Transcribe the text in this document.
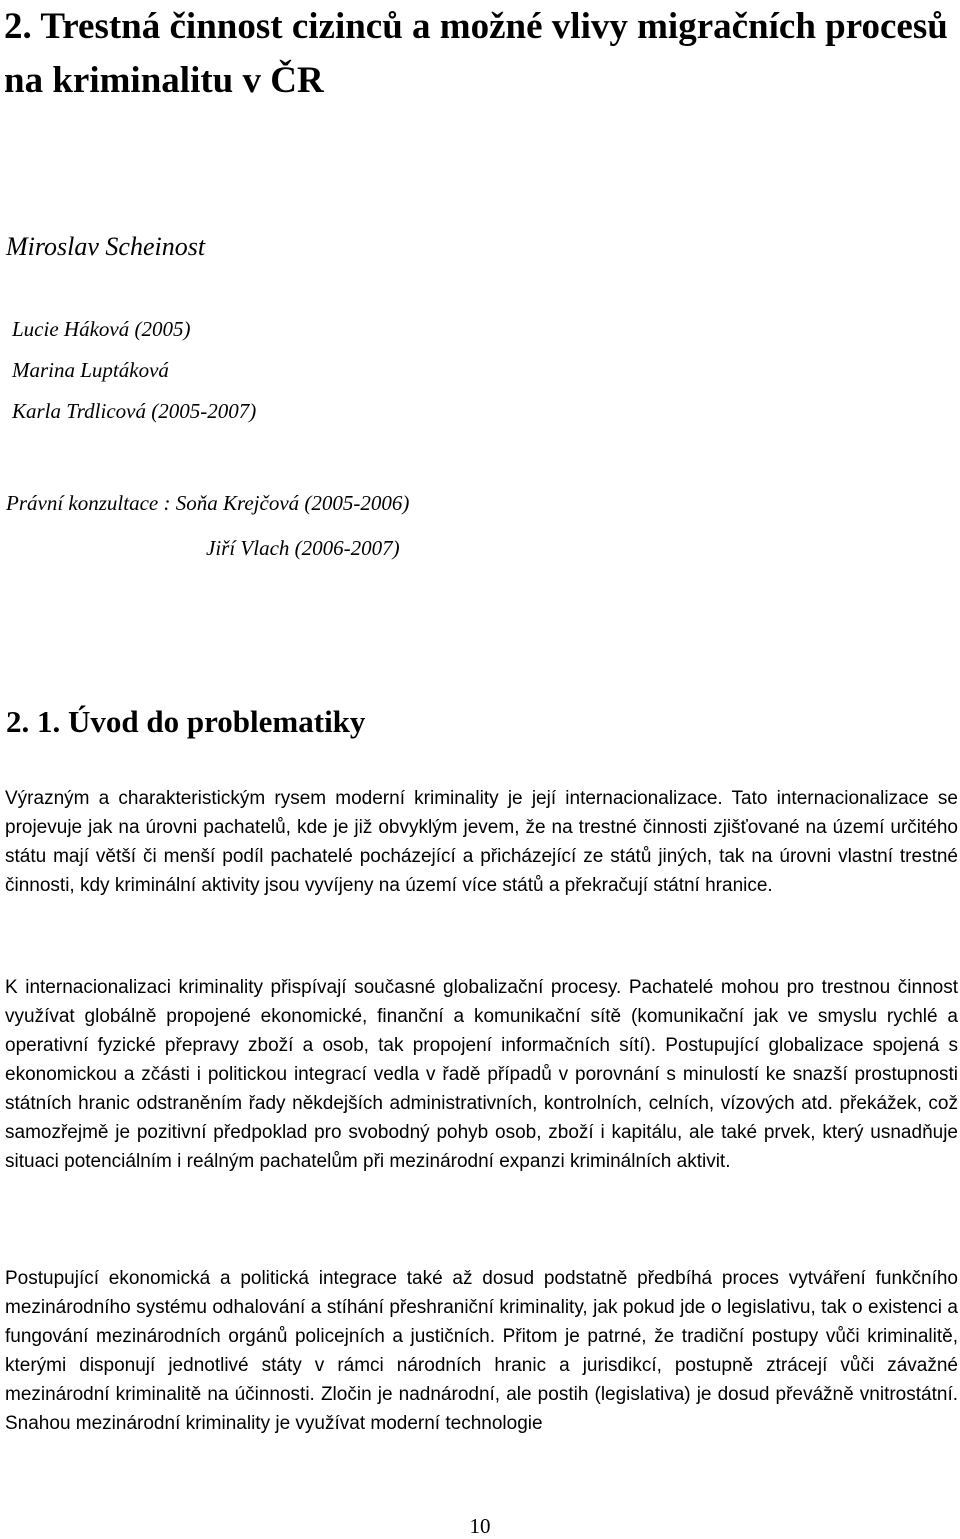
2. Trestná činnost cizinců a možné vlivy migračních procesů na kriminalitu v ČR
Miroslav Scheinost
Lucie Háková (2005)
Marina Luptáková
Karla Trdlicová (2005-2007)
Právní konzultace : Soňa Krejčová (2005-2006)
Jiří Vlach (2006-2007)
2. 1. Úvod do problematiky

Výrazným a charakteristickým rysem moderní kriminality je její internacionalizace. Tato internacionalizace se projevuje jak na úrovni pachatelů, kde je již obvyklým jevem, že na trestné činnosti zjišťované na území určitého státu mají větší či menší podíl pachatelé pocházející a přicházející ze států jiných, tak na úrovni vlastní trestné činnosti, kdy kriminální aktivity jsou vyvíjeny na území více států a překračují státní hranice.

K internacionalizaci kriminality přispívají současné globalizační procesy. Pachatelé mohou pro trestnou činnost využívat globálně propojené ekonomické, finanční a komunikační sítě (komunikační jak ve smyslu rychlé a operativní fyzické přepravy zboží a osob, tak propojení informačních sítí). Postupující globalizace spojená s ekonomickou a zčásti i politickou integrací vedla v řadě případů v porovnání s minulostí ke snazší prostupnosti státních hranic odstraněním řady někdejších administrativních, kontrolních, celních, vízových atd. překážek, což samozřejmě je pozitivní předpoklad pro svobodný pohyb osob, zboží i kapitálu, ale také prvek, který usnadňuje situaci potenciálním i reálným pachatelům při mezinárodní expanzi kriminálních aktivit.

Postupující ekonomická a politická integrace také až dosud podstatně předbíhá proces vytváření funkčního mezinárodního systému odhalování a stíhání přeshraniční kriminality, jak pokud jde o legislativu, tak o existenci a fungování mezinárodních orgánů policejních a justičních. Přitom je patrné, že tradiční postupy vůči kriminalitě, kterými disponují jednotlivé státy v rámci národních hranic a jurisdikcí, postupně ztrácejí vůči závažné mezinárodní kriminalitě na účinnosti. Zločin je nadnárodní, ale postih (legislativa) je dosud převážně vnitrostátní. Snahou mezinárodní kriminality je využívat moderní technologie

10
